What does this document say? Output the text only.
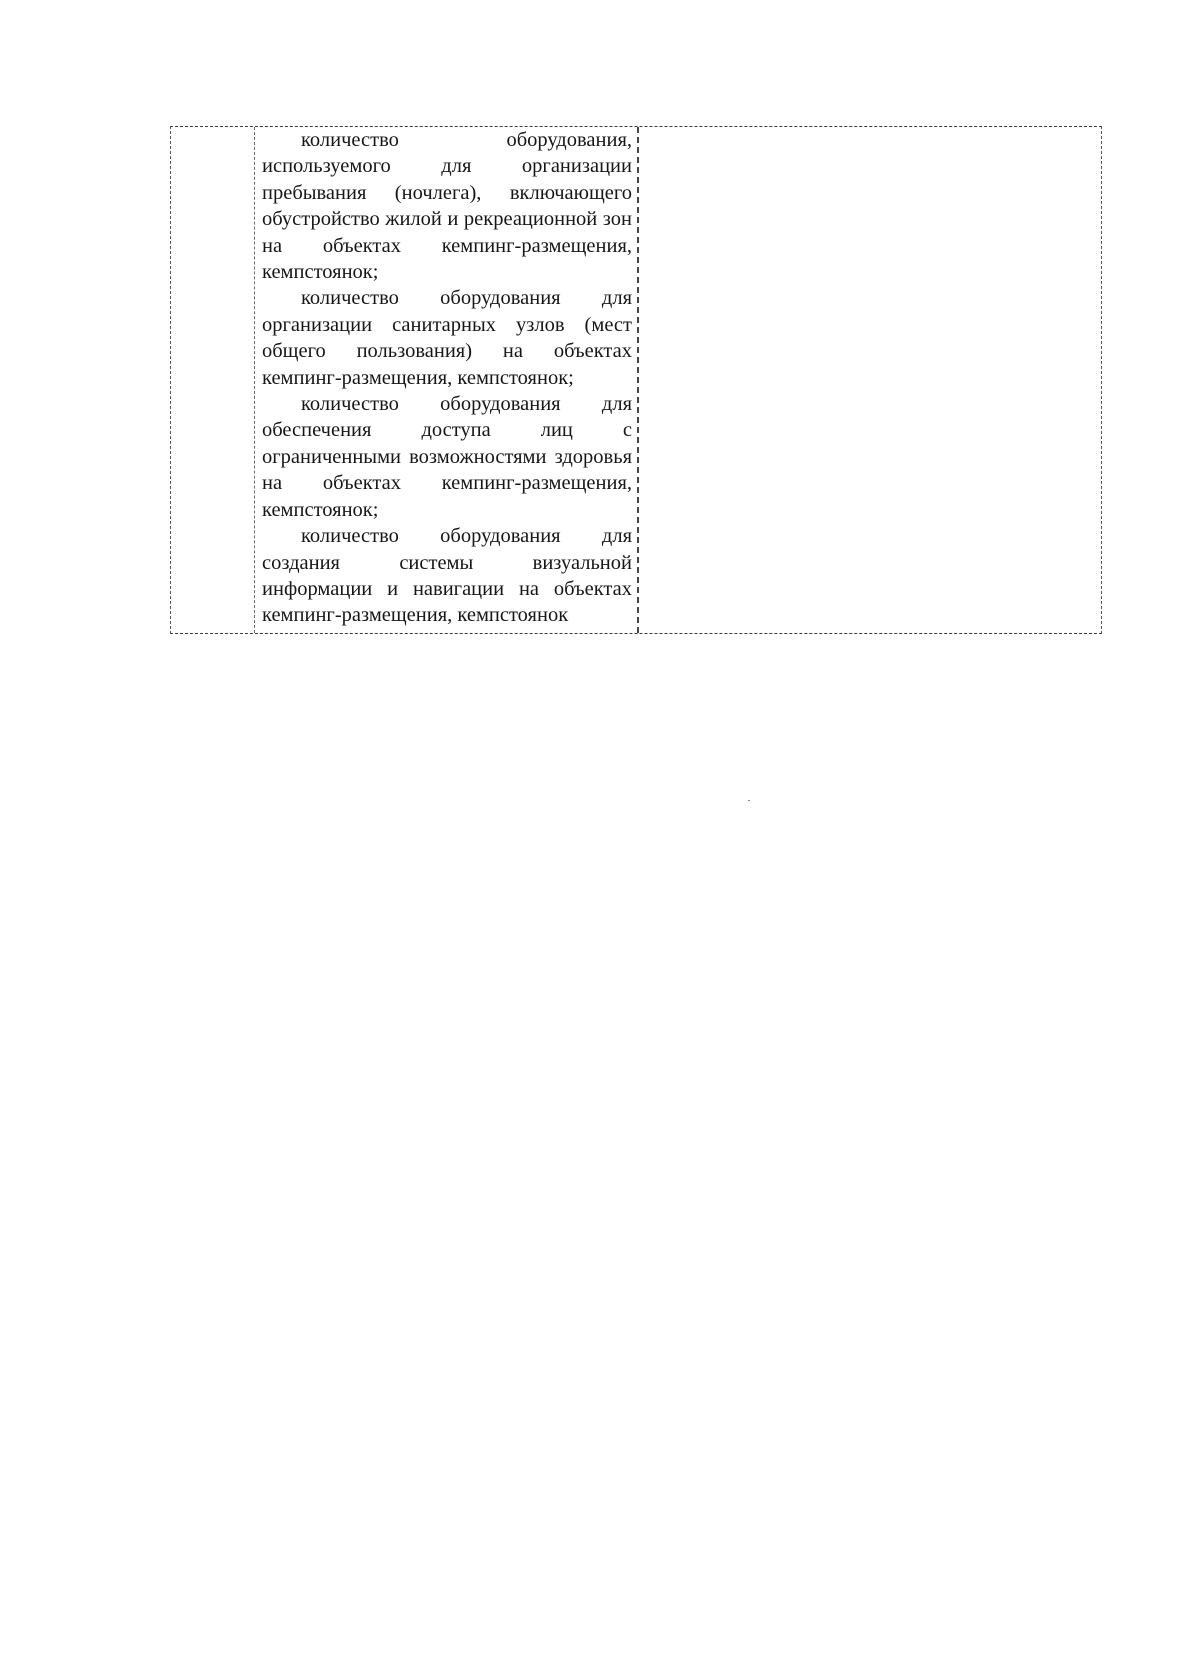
количество оборудования, используемого для организации пребывания (ночлега), включающего обустройство жилой и рекреационной зон на объектах кемпинг-размещения, кемпстоянок;

количество оборудования для организации санитарных узлов (мест общего пользования) на объектах кемпинг-размещения, кемпстоянок;

количество оборудования для обеспечения доступа лиц с ограниченными возможностями здоровья на объектах кемпинг-размещения, кемпстоянок;

количество оборудования для создания системы визуальной информации и навигации на объектах кемпинг-размещения, кемпстоянок
